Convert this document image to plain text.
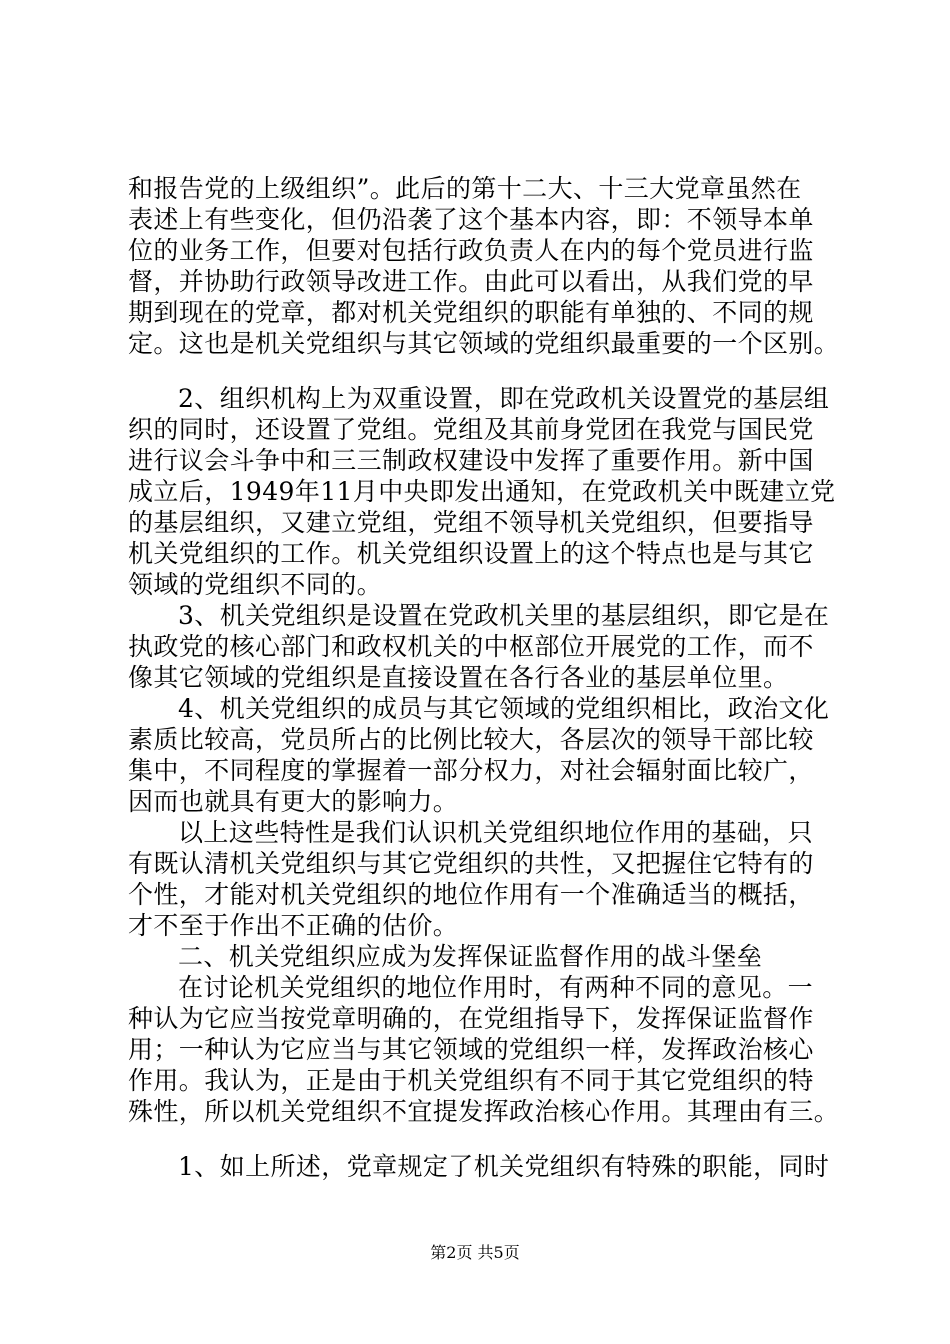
和报告党的上级组织”。此后的第十二大、十三大党章虽然在
表述上有些变化，但仍沿袭了这个基本内容，即：不领导本单
位的业务工作，但要对包括行政负责人在内的每个党员进行监
督，并协助行政领导改进工作。由此可以看出，从我们党的早
期到现在的党章，都对机关党组织的职能有单独的、不同的规
定。这也是机关党组织与其它领域的党组织最重要的一个区别。
2、组织机构上为双重设置，即在党政机关设置党的基层组
织的同时，还设置了党组。党组及其前身党团在我党与国民党
进行议会斗争中和三三制政权建设中发挥了重要作用。新中国
成立后，1949年11月中央即发出通知，在党政机关中既建立党
的基层组织，又建立党组，党组不领导机关党组织，但要指导
机关党组织的工作。机关党组织设置上的这个特点也是与其它
领域的党组织不同的。
3、机关党组织是设置在党政机关里的基层组织，即它是在
执政党的核心部门和政权机关的中枢部位开展党的工作，而不
像其它领域的党组织是直接设置在各行各业的基层单位里。
4、机关党组织的成员与其它领域的党组织相比，政治文化
素质比较高，党员所占的比例比较大，各层次的领导干部比较
集中，不同程度的掌握着一部分权力，对社会辐射面比较广，
因而也就具有更大的影响力。
以上这些特性是我们认识机关党组织地位作用的基础，只
有既认清机关党组织与其它党组织的共性，又把握住它特有的
个性，才能对机关党组织的地位作用有一个准确适当的概括，
才不至于作出不正确的估价。
二、机关党组织应成为发挥保证监督作用的战斗堡垒
在讨论机关党组织的地位作用时，有两种不同的意见。一
种认为它应当按党章明确的，在党组指导下，发挥保证监督作
用；一种认为它应当与其它领域的党组织一样，发挥政治核心
作用。我认为，正是由于机关党组织有不同于其它党组织的特
殊性，所以机关党组织不宜提发挥政治核心作用。其理由有三。
1、如上所述，党章规定了机关党组织有特殊的职能，同时
第2页 共5页
